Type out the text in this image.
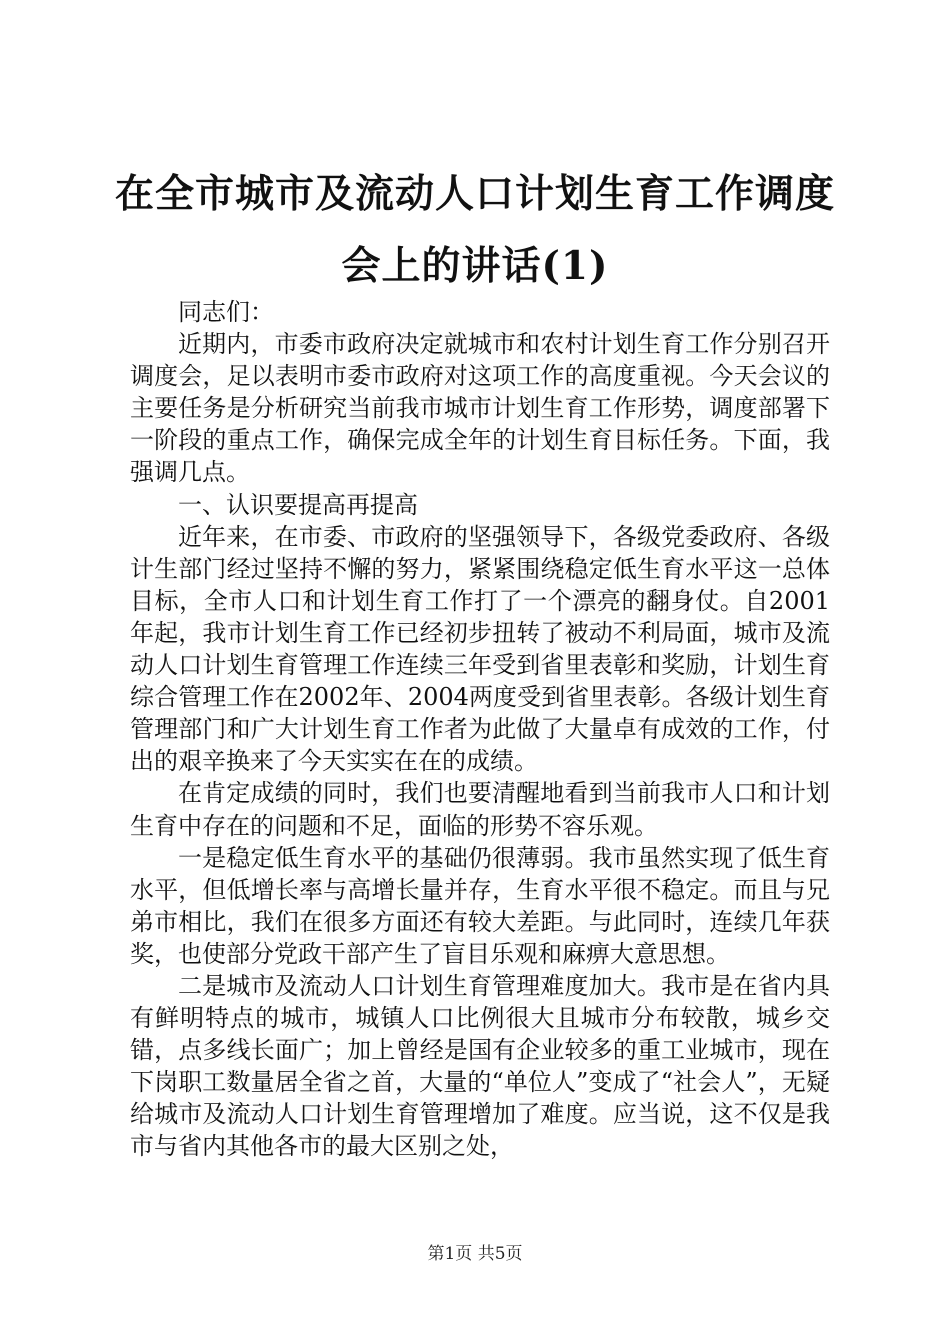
在全市城市及流动人口计划生育工作调度会上的讲话(1)

同志们：

近期内，市委市政府决定就城市和农村计划生育工作分别召开调度会，足以表明市委市政府对这项工作的高度重视。今天会议的主要任务是分析研究当前我市城市计划生育工作形势，调度部署下一阶段的重点工作，确保完成全年的计划生育目标任务。下面，我强调几点。

一、认识要提高再提高

近年来，在市委、市政府的坚强领导下，各级党委政府、各级计生部门经过坚持不懈的努力，紧紧围绕稳定低生育水平这一总体目标，全市人口和计划生育工作打了一个漂亮的翻身仗。自2001年起，我市计划生育工作已经初步扭转了被动不利局面，城市及流动人口计划生育管理工作连续三年受到省里表彰和奖励，计划生育综合管理工作在2002年、2004两度受到省里表彰。各级计划生育管理部门和广大计划生育工作者为此做了大量卓有成效的工作，付出的艰辛换来了今天实实在在的成绩。

在肯定成绩的同时，我们也要清醒地看到当前我市人口和计划生育中存在的问题和不足，面临的形势不容乐观。

一是稳定低生育水平的基础仍很薄弱。我市虽然实现了低生育水平，但低增长率与高增长量并存，生育水平很不稳定。而且与兄弟市相比，我们在很多方面还有较大差距。与此同时，连续几年获奖，也使部分党政干部产生了盲目乐观和麻痹大意思想。

二是城市及流动人口计划生育管理难度加大。我市是在省内具有鲜明特点的城市，城镇人口比例很大且城市分布较散，城乡交错，点多线长面广；加上曾经是国有企业较多的重工业城市，现在下岗职工数量居全省之首，大量的“单位人”变成了“社会人”，无疑给城市及流动人口计划生育管理增加了难度。应当说，这不仅是我市与省内其他各市的最大区别之处，

第1页 共5页
